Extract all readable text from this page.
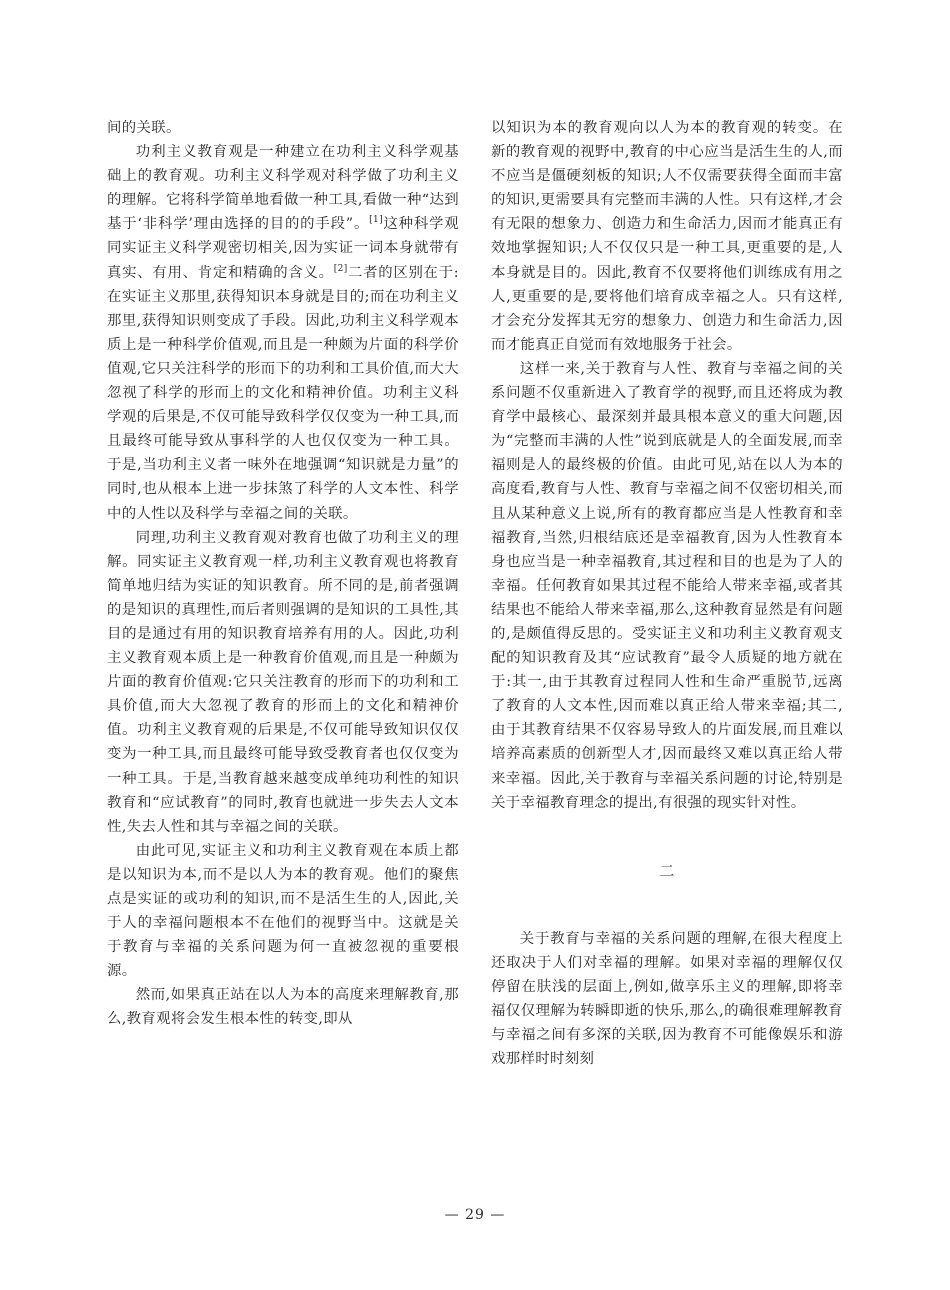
间的关联。

功利主义教育观是一种建立在功利主义科学观基础上的教育观。功利主义科学观对科学做了功利主义的理解。它将科学简单地看做一种工具,看做一种“达到基于‘非科学’理由选择的目的的手段”。[1]这种科学观同实证主义科学观密切相关,因为实证一词本身就带有真实、有用、肯定和精确的含义。[2]二者的区别在于:在实证主义那里,获得知识本身就是目的;而在功利主义那里,获得知识则变成了手段。因此,功利主义科学观本质上是一种科学价值观,而且是一种颇为片面的科学价值观,它只关注科学的形而下的功利和工具价值,而大大忽视了科学的形而上的文化和精神价值。功利主义科学观的后果是,不仅可能导致科学仅仅变为一种工具,而且最终可能导致从事科学的人也仅仅变为一种工具。于是,当功利主义者一味外在地强调“知识就是力量”的同时,也从根本上进一步抹煞了科学的人文本性、科学中的人性以及科学与幸福之间的关联。

同理,功利主义教育观对教育也做了功利主义的理解。同实证主义教育观一样,功利主义教育观也将教育简单地归结为实证的知识教育。所不同的是,前者强调的是知识的真理性,而后者则强调的是知识的工具性,其目的是通过有用的知识教育培养有用的人。因此,功利主义教育观本质上是一种教育价值观,而且是一种颇为片面的教育价值观:它只关注教育的形而下的功利和工具价值,而大大忽视了教育的形而上的文化和精神价值。功利主义教育观的后果是,不仅可能导致知识仅仅变为一种工具,而且最终可能导致受教育者也仅仅变为一种工具。于是,当教育越来越变成单纯功利性的知识教育和“应试教育”的同时,教育也就进一步失去人文本性,失去人性和其与幸福之间的关联。

由此可见,实证主义和功利主义教育观在本质上都是以知识为本,而不是以人为本的教育观。他们的聚焦点是实证的或功利的知识,而不是活生生的人,因此,关于人的幸福问题根本不在他们的视野当中。这就是关于教育与幸福的关系问题为何一直被忽视的重要根源。

然而,如果真正站在以人为本的高度来理解教育,那么,教育观将会发生根本性的转变,即从

以知识为本的教育观向以人为本的教育观的转变。在新的教育观的视野中,教育的中心应当是活生生的人,而不应当是僵硬刻板的知识;人不仅需要获得全面而丰富的知识,更需要具有完整而丰满的人性。只有这样,才会有无限的想象力、创造力和生命活力,因而才能真正有效地掌握知识;人不仅仅只是一种工具,更重要的是,人本身就是目的。因此,教育不仅要将他们训练成有用之人,更重要的是,要将他们培育成幸福之人。只有这样,才会充分发挥其无穷的想象力、创造力和生命活力,因而才能真正自觉而有效地服务于社会。

这样一来,关于教育与人性、教育与幸福之间的关系问题不仅重新进入了教育学的视野,而且还将成为教育学中最核心、最深刻并最具根本意义的重大问题,因为“完整而丰满的人性”说到底就是人的全面发展,而幸福则是人的最终极的价值。由此可见,站在以人为本的高度看,教育与人性、教育与幸福之间不仅密切相关,而且从某种意义上说,所有的教育都应当是人性教育和幸福教育,当然,归根结底还是幸福教育,因为人性教育本身也应当是一种幸福教育,其过程和目的也是为了人的幸福。任何教育如果其过程不能给人带来幸福,或者其结果也不能给人带来幸福,那么,这种教育显然是有问题的,是颇值得反思的。受实证主义和功利主义教育观支配的知识教育及其“应试教育”最令人质疑的地方就在于:其一,由于其教育过程同人性和生命严重脱节,远离了教育的人文本性,因而难以真正给人带来幸福;其二,由于其教育结果不仅容易导致人的片面发展,而且难以培养高素质的创新型人才,因而最终又难以真正给人带来幸福。因此,关于教育与幸福关系问题的讨论,特别是关于幸福教育理念的提出,有很强的现实针对性。

二

关于教育与幸福的关系问题的理解,在很大程度上还取决于人们对幸福的理解。如果对幸福的理解仅仅停留在肤浅的层面上,例如,做享乐主义的理解,即将幸福仅仅理解为转瞬即逝的快乐,那么,的确很难理解教育与幸福之间有多深的关联,因为教育不可能像娱乐和游戏那样时时刻刻

— 29 —
